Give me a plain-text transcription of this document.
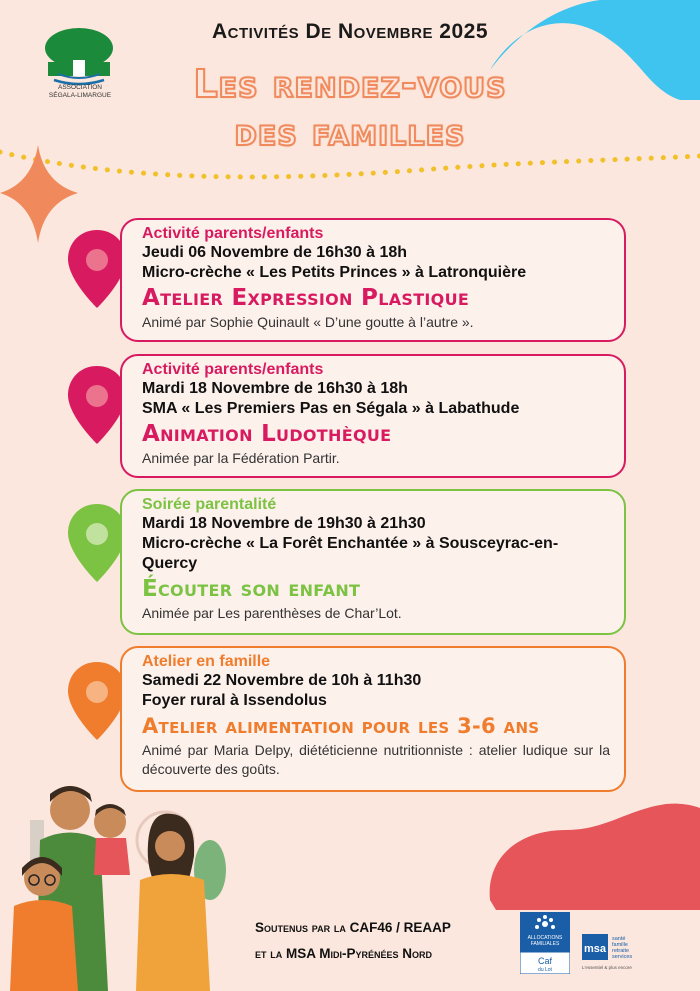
ASSOCIATION
SÉGALA-LIMARGUE
Activités De Novembre 2025
Les rendez-vous
des familles
Activité parents/enfants
Jeudi 06 Novembre de 16h30 à 18h
Micro-crèche « Les Petits Princes » à Latronquière
Atelier Expression Plastique
Animé par Sophie Quinault « D’une goutte à l’autre ».
Activité parents/enfants
Mardi 18 Novembre de 16h30 à 18h
SMA « Les Premiers Pas en Ségala » à Labathude
Animation Ludothèque
Animée par la Fédération Partir.
Soirée parentalité
Mardi 18 Novembre de 19h30 à 21h30
Micro-crèche « La Forêt Enchantée » à Sousceyrac-en-Quercy
Écouter son enfant
Animée par Les parenthèses de Char’Lot.
Atelier en famille
Samedi 22 Novembre de 10h à 11h30
Foyer rural à Issendolus
Atelier alimentation pour les 3-6 ans
Animé par Maria Delpy, diététicienne nutritionniste : atelier ludique sur la découverte des goûts.
Soutenus par la CAF46 / REAAP
et la MSA Midi-Pyrénées Nord
ALLOCATIONS
FAMILIALES
Caf
du Lot
msa
santé
famille
retraite
services
L'essentiel & plus encore
